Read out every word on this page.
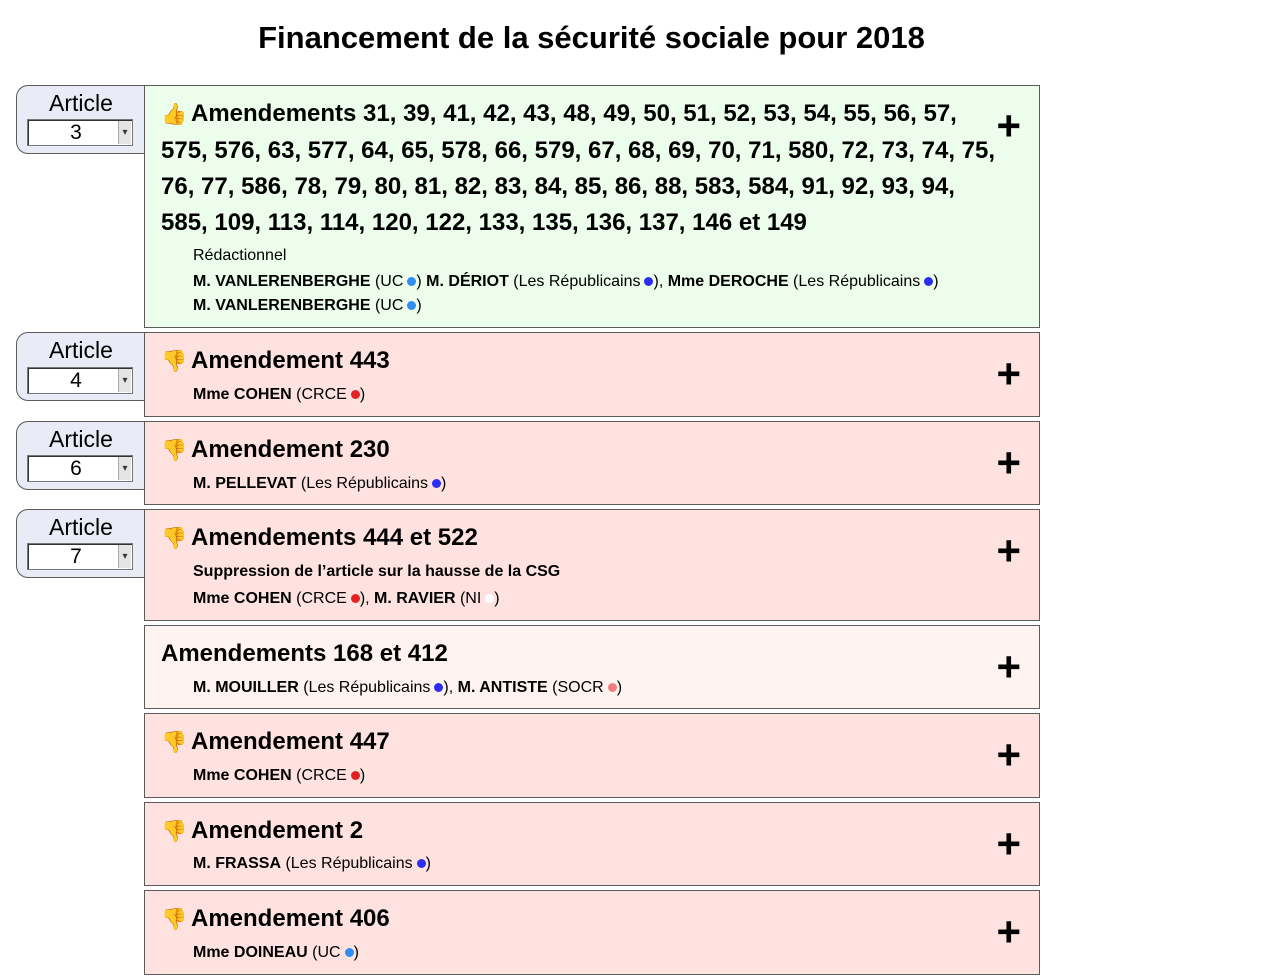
Financement de la sécurité sociale pour 2018
Article
3	▾
Article
4	▾
Article
6	▾
Article
7	▾
👍 Amendements 31, 39, 41, 42, 43, 48, 49, 50, 51, 52, 53, 54, 55, 56, 57, 575, 576, 63, 577, 64, 65, 578, 66, 579, 67, 68, 69, 70, 71, 580, 72, 73, 74, 75, 76, 77, 586, 78, 79, 80, 81, 82, 83, 84, 85, 86, 88, 583, 584, 91, 92, 93, 94, 585, 109, 113, 114, 120, 122, 133, 135, 136, 137, 146 et 149
+
Rédactionnel
M. VANLERENBERGHE (UC ) M. DÉRIOT (Les Républicains ), Mme DEROCHE (Les Républicains )
M. VANLERENBERGHE (UC )
👎 Amendement 443	+
Mme COHEN (CRCE )
👎 Amendement 230	+
M. PELLEVAT (Les Républicains )
👎 Amendements 444 et 522	+
Suppression de l’article sur la hausse de la CSG
Mme COHEN (CRCE ), M. RAVIER (NI )
Amendements 168 et 412	+
M. MOUILLER (Les Républicains ), M. ANTISTE (SOCR )
👎 Amendement 447	+
Mme COHEN (CRCE )
👎 Amendement 2	+
M. FRASSA (Les Républicains )
👎 Amendement 406	+
Mme DOINEAU (UC )
